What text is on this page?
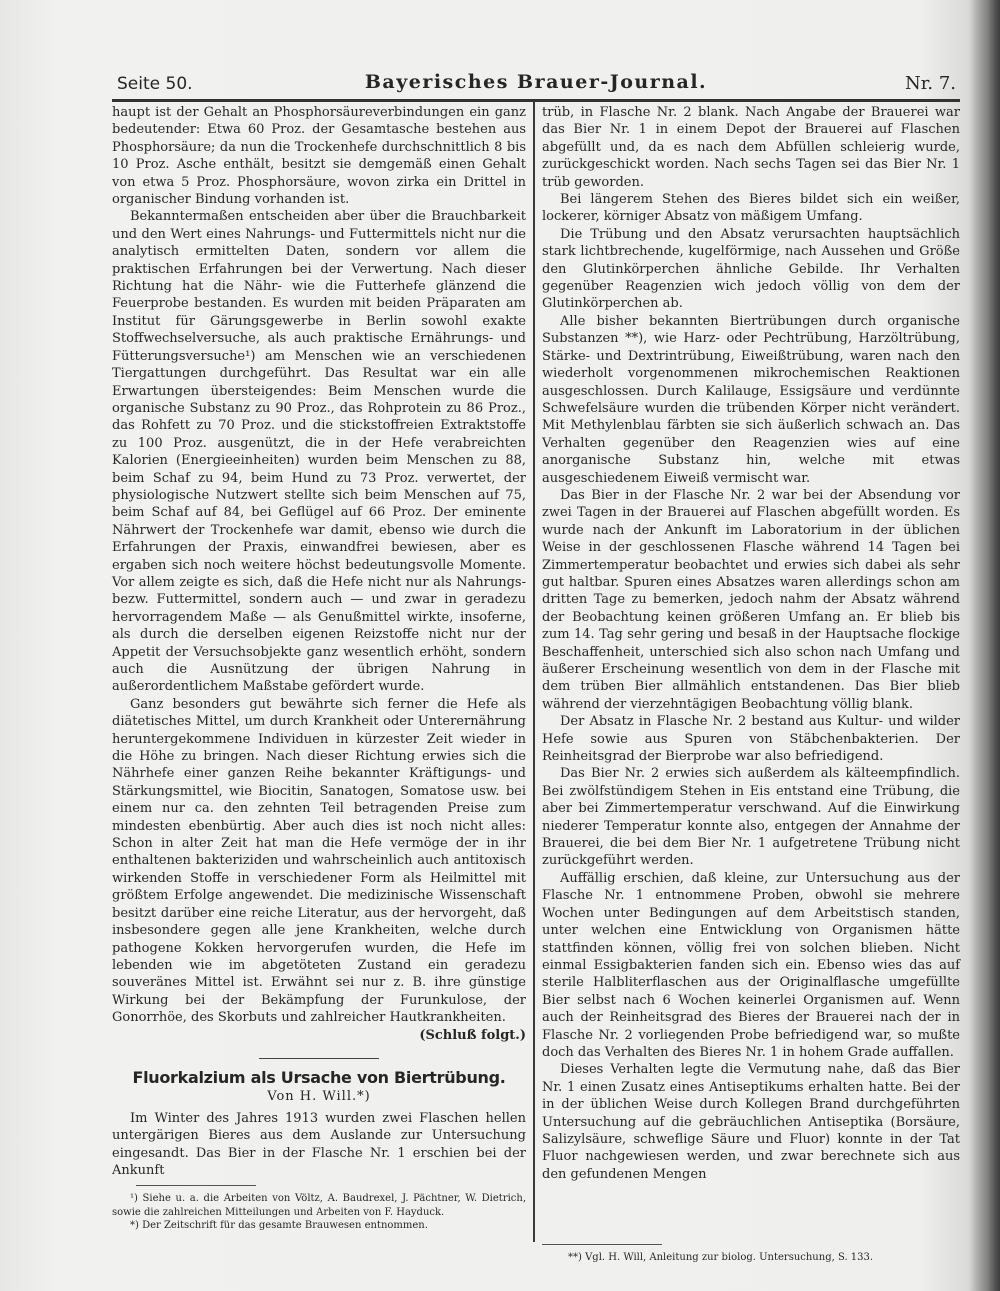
Seite 50.	Bayerisches Brauer-Journal.	Nr. 7.

haupt ist der Gehalt an Phosphorsäureverbindungen ein ganz bedeutender: Etwa 60 Proz. der Gesamtasche bestehen aus Phosphorsäure; da nun die Trockenhefe durchschnittlich 8 bis 10 Proz. Asche enthält, besitzt sie demgemäß einen Gehalt von etwa 5 Proz. Phosphorsäure, wovon zirka ein Drittel in organischer Bindung vorhanden ist.

Bekanntermaßen entscheiden aber über die Brauchbarkeit und den Wert eines Nahrungs- und Futtermittels nicht nur die analytisch ermittelten Daten, sondern vor allem die praktischen Erfahrungen bei der Verwertung. Nach dieser Richtung hat die Nähr- wie die Futterhefe glänzend die Feuerprobe bestanden. Es wurden mit beiden Präparaten am Institut für Gärungsgewerbe in Berlin sowohl exakte Stoffwechselversuche, als auch praktische Ernährungs- und Fütterungsversuche¹) am Menschen wie an verschiedenen Tiergattungen durchgeführt. Das Resultat war ein alle Erwartungen übersteigendes: Beim Menschen wurde die organische Substanz zu 90 Proz., das Rohprotein zu 86 Proz., das Rohfett zu 70 Proz. und die stickstoffreien Extraktstoffe zu 100 Proz. ausgenützt, die in der Hefe verabreichten Kalorien (Energieeinheiten) wurden beim Menschen zu 88, beim Schaf zu 94, beim Hund zu 73 Proz. verwertet, der physiologische Nutzwert stellte sich beim Menschen auf 75, beim Schaf auf 84, bei Geflügel auf 66 Proz. Der eminente Nährwert der Trockenhefe war damit, ebenso wie durch die Erfahrungen der Praxis, einwandfrei bewiesen, aber es ergaben sich noch weitere höchst bedeutungsvolle Momente. Vor allem zeigte es sich, daß die Hefe nicht nur als Nahrungs- bezw. Futtermittel, sondern auch — und zwar in geradezu hervorragendem Maße — als Genußmittel wirkte, insoferne, als durch die derselben eigenen Reizstoffe nicht nur der Appetit der Versuchsobjekte ganz wesentlich erhöht, sondern auch die Ausnützung der übrigen Nahrung in außerordentlichem Maßstabe gefördert wurde.

Ganz besonders gut bewährte sich ferner die Hefe als diätetisches Mittel, um durch Krankheit oder Unterernährung heruntergekommene Individuen in kürzester Zeit wieder in die Höhe zu bringen. Nach dieser Richtung erwies sich die Nährhefe einer ganzen Reihe bekannter Kräftigungs- und Stärkungsmittel, wie Biocitin, Sanatogen, Somatose usw. bei einem nur ca. den zehnten Teil betragenden Preise zum mindesten ebenbürtig. Aber auch dies ist noch nicht alles: Schon in alter Zeit hat man die Hefe vermöge der in ihr enthaltenen bakteriziden und wahrscheinlich auch antitoxisch wirkenden Stoffe in verschiedener Form als Heilmittel mit größtem Erfolge angewendet. Die medizinische Wissenschaft besitzt darüber eine reiche Literatur, aus der hervorgeht, daß insbesondere gegen alle jene Krankheiten, welche durch pathogene Kokken hervorgerufen wurden, die Hefe im lebenden wie im abgetöteten Zustand ein geradezu souveränes Mittel ist. Erwähnt sei nur z. B. ihre günstige Wirkung bei der Bekämpfung der Furunkulose, der Gonorrhöe, des Skorbuts und zahlreicher Hautkrankheiten.

(Schluß folgt.)
Fluorkalzium als Ursache von Biertrübung.
Von H. Will.*)

Im Winter des Jahres 1913 wurden zwei Flaschen hellen untergärigen Bieres aus dem Auslande zur Untersuchung eingesandt. Das Bier in der Flasche Nr. 1 erschien bei der Ankunft

¹) Siehe u. a. die Arbeiten von Völtz, A. Baudrexel, J. Pächtner, W. Dietrich, sowie die zahlreichen Mitteilungen und Arbeiten von F. Hayduck.
*) Der Zeitschrift für das gesamte Brauwesen entnommen.

trüb, in Flasche Nr. 2 blank. Nach Angabe der Brauerei war das Bier Nr. 1 in einem Depot der Brauerei auf Flaschen abgefüllt und, da es nach dem Abfüllen schleierig wurde, zurückgeschickt worden. Nach sechs Tagen sei das Bier Nr. 1 trüb geworden.

Bei längerem Stehen des Bieres bildet sich ein weißer, lockerer, körniger Absatz von mäßigem Umfang.

Die Trübung und den Absatz verursachten hauptsächlich stark lichtbrechende, kugelförmige, nach Aussehen und Größe den Glutinkörperchen ähnliche Gebilde. Ihr Verhalten gegenüber Reagenzien wich jedoch völlig von dem der Glutinkörperchen ab.

Alle bisher bekannten Biertrübungen durch organische Substanzen **), wie Harz- oder Pechtrübung, Harzöltrübung, Stärke- und Dextrintrübung, Eiweißtrübung, waren nach den wiederholt vorgenommenen mikrochemischen Reaktionen ausgeschlossen. Durch Kalilauge, Essigsäure und verdünnte Schwefelsäure wurden die trübenden Körper nicht verändert. Mit Methylenblau färbten sie sich äußerlich schwach an. Das Verhalten gegenüber den Reagenzien wies auf eine anorganische Substanz hin, welche mit etwas ausgeschiedenem Eiweiß vermischt war.

Das Bier in der Flasche Nr. 2 war bei der Absendung vor zwei Tagen in der Brauerei auf Flaschen abgefüllt worden. Es wurde nach der Ankunft im Laboratorium in der üblichen Weise in der geschlossenen Flasche während 14 Tagen bei Zimmertemperatur beobachtet und erwies sich dabei als sehr gut haltbar. Spuren eines Absatzes waren allerdings schon am dritten Tage zu bemerken, jedoch nahm der Absatz während der Beobachtung keinen größeren Umfang an. Er blieb bis zum 14. Tag sehr gering und besaß in der Hauptsache flockige Beschaffenheit, unterschied sich also schon nach Umfang und äußerer Erscheinung wesentlich von dem in der Flasche mit dem trüben Bier allmählich entstandenen. Das Bier blieb während der vierzehntägigen Beobachtung völlig blank.

Der Absatz in Flasche Nr. 2 bestand aus Kultur- und wilder Hefe sowie aus Spuren von Stäbchenbakterien. Der Reinheitsgrad der Bierprobe war also befriedigend.

Das Bier Nr. 2 erwies sich außerdem als kälteempfindlich. Bei zwölfstündigem Stehen in Eis entstand eine Trübung, die aber bei Zimmertemperatur verschwand. Auf die Einwirkung niederer Temperatur konnte also, entgegen der Annahme der Brauerei, die bei dem Bier Nr. 1 aufgetretene Trübung nicht zurückgeführt werden.

Auffällig erschien, daß kleine, zur Untersuchung aus der Flasche Nr. 1 entnommene Proben, obwohl sie mehrere Wochen unter Bedingungen auf dem Arbeitstisch standen, unter welchen eine Entwicklung von Organismen hätte stattfinden können, völlig frei von solchen blieben. Nicht einmal Essigbakterien fanden sich ein. Ebenso wies das auf sterile Halbliterflaschen aus der Originalflasche umgefüllte Bier selbst nach 6 Wochen keinerlei Organismen auf. Wenn auch der Reinheitsgrad des Bieres der Brauerei nach der in Flasche Nr. 2 vorliegenden Probe befriedigend war, so mußte doch das Verhalten des Bieres Nr. 1 in hohem Grade auffallen.

Dieses Verhalten legte die Vermutung nahe, daß das Bier Nr. 1 einen Zusatz eines Antiseptikums erhalten hatte. Bei der in der üblichen Weise durch Kollegen Brand durchgeführten Untersuchung auf die gebräuchlichen Antiseptika (Borsäure, Salizylsäure, schweflige Säure und Fluor) konnte in der Tat Fluor nachgewiesen werden, und zwar berechnete sich aus den gefundenen Mengen

**) Vgl. H. Will, Anleitung zur biolog. Untersuchung, S. 133.
